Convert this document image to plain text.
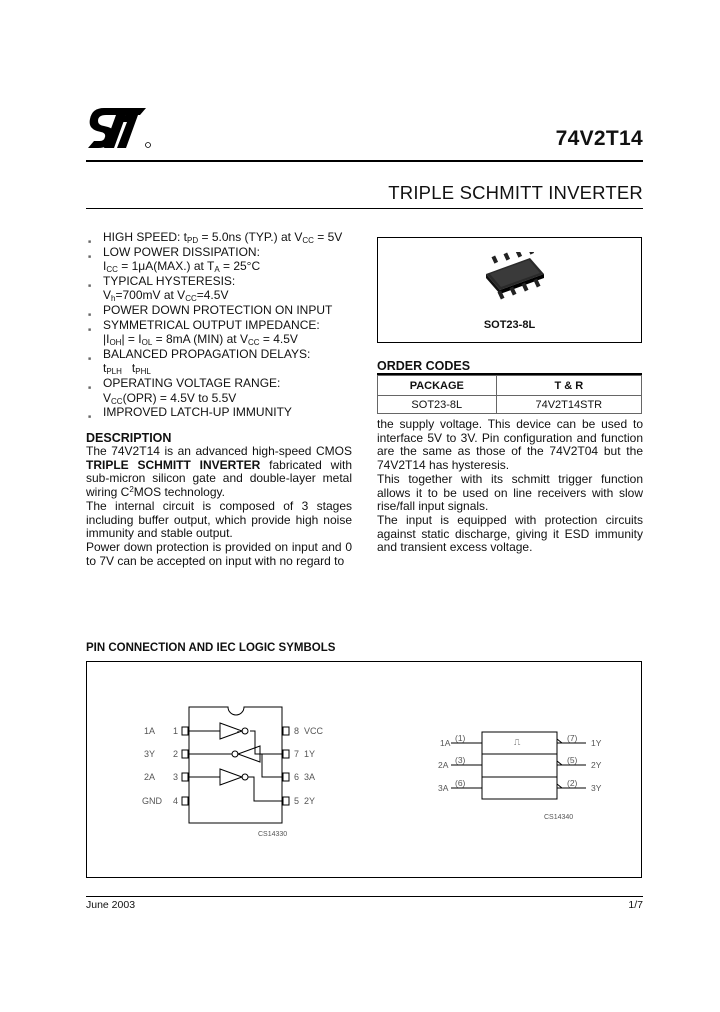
74V2T14
TRIPLE SCHMITT INVERTER
■ HIGH SPEED: $t_{PD} = 5.0ns$ (TYP.) at $V_{CC} = 5V$
■ LOW POWER DISSIPATION:
$I_{CC} = 1\mu A(MAX.)$ at $T_A = 25^\circ C$
■ TYPICAL HYSTERESIS:
$V_h=700mV$ at $V_{CC}=4.5V$
■ POWER DOWN PROTECTION ON INPUT
■ SYMMETRICAL OUTPUT IMPEDANCE:
$|I_{OH}| = I_{OL} = 8mA$ (MIN) at $V_{CC} = 4.5V$
■ BALANCED PROPAGATION DELAYS:
$t_{PLH}$   $t_{PHL}$
■ OPERATING VOLTAGE RANGE:
$V_{CC}(OPR) = 4.5V$ to 5.5V
■ IMPROVED LATCH-UP IMMUNITY
SOT23-8L
ORDER CODES
PACKAGE	T & R
SOT23-8L	74V2T14STR
DESCRIPTION

The 74V2T14 is an advanced high-speed CMOS TRIPLE SCHMITT INVERTER fabricated with sub-micron silicon gate and double-layer metal wiring $C^2MOS$ technology.

The internal circuit is composed of 3 stages including buffer output, which provide high noise immunity and stable output.

Power down protection is provided on input and 0 to 7V can be accepted on input with no regard to

the supply voltage. This device can be used to interface 5V to 3V. Pin configuration and function are the same as those of the 74V2T04 but the 74V2T14 has hysteresis.

This together with its schmitt trigger function allows it to be used on line receivers with slow rise/fall input signals.

The input is equipped with protection circuits against static discharge, giving it ESD immunity and transient excess voltage.

PIN CONNECTION AND IEC LOGIC SYMBOLS
1A 1
3Y 2
2A 3
GND 4
8 VCC
7 1Y
6 3A
5 2Y
CS14330
1A (1)
2A (3)
3A (6)
(7) 1Y
(5) 2Y
(2) 3Y
⎍
CS14340
June 2003	1/7
